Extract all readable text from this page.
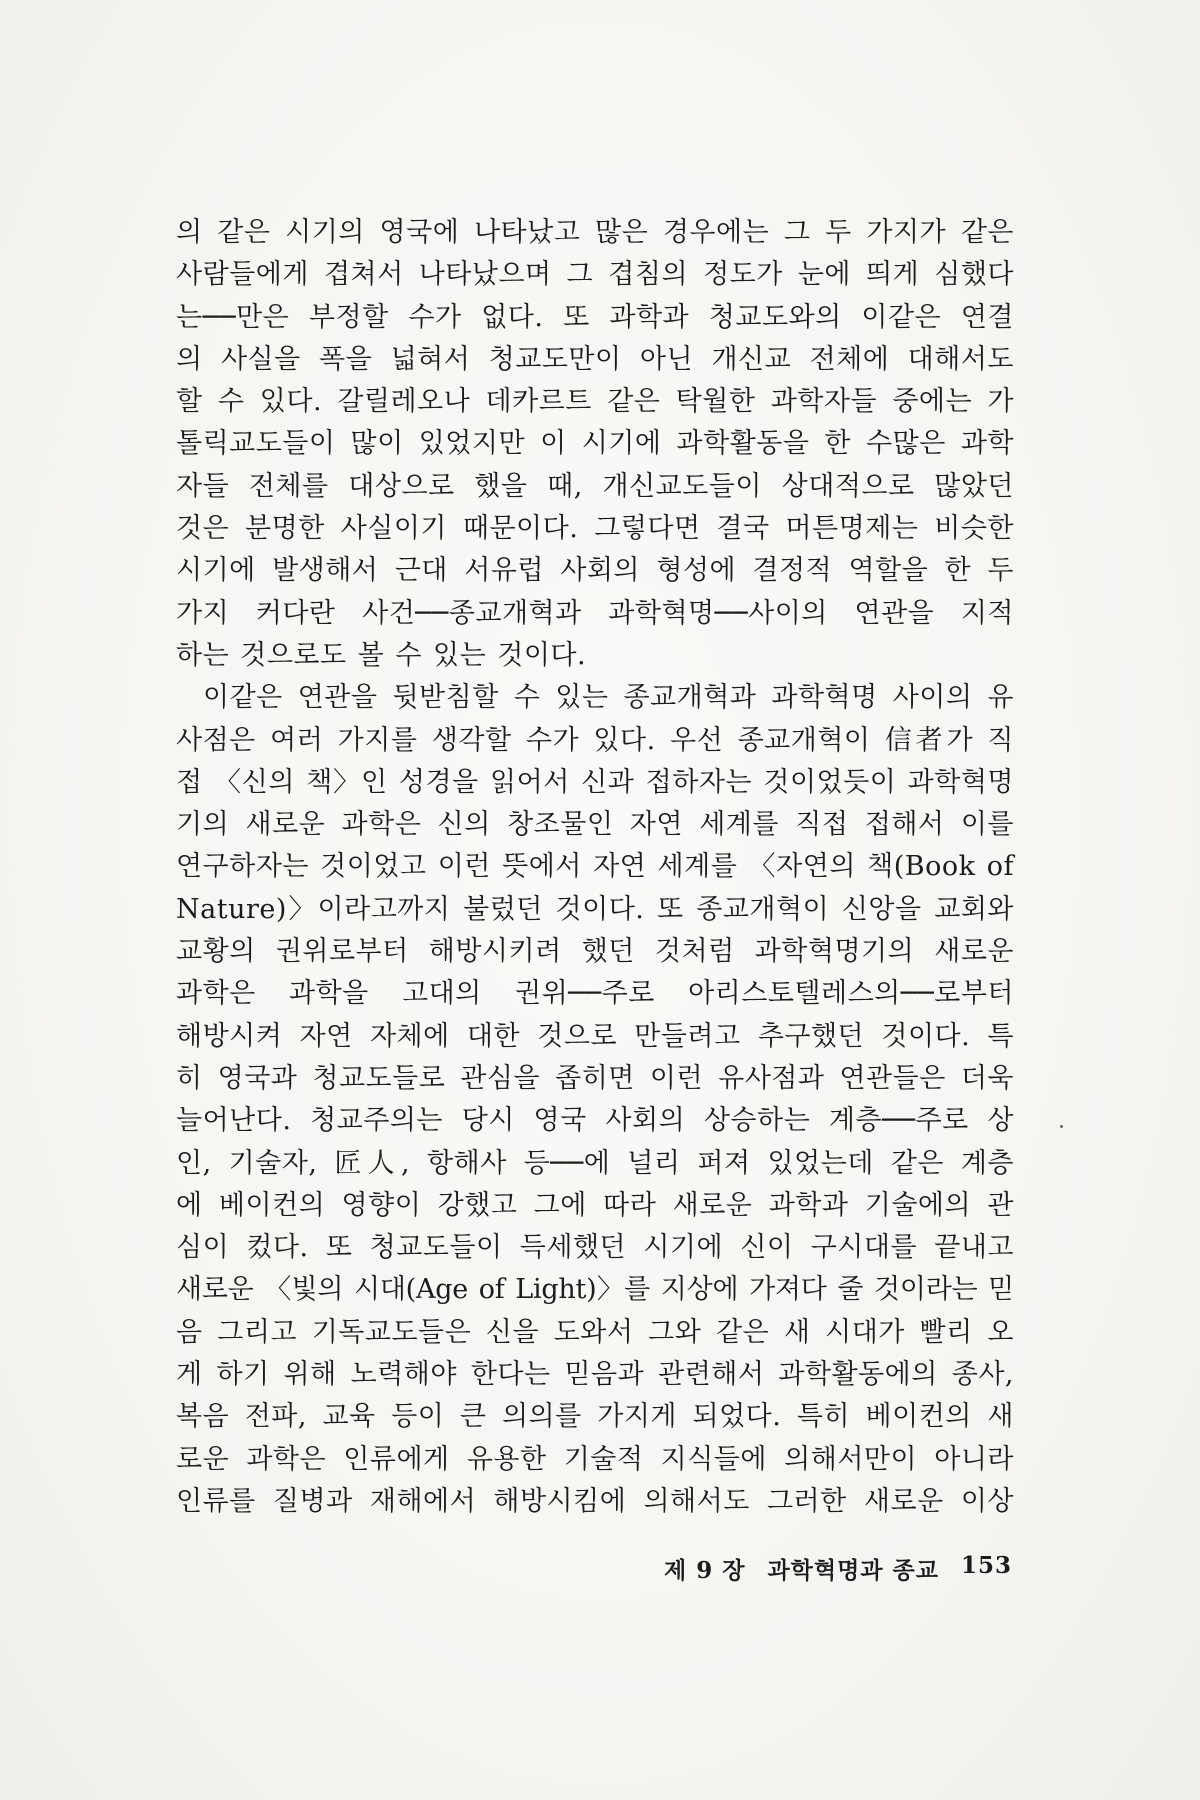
의 같은 시기의 영국에 나타났고 많은 경우에는 그 두 가지가 같은
사람들에게 겹쳐서 나타났으며 그 겹침의 정도가 눈에 띄게 심했다
는──만은 부정할 수가 없다. 또 과학과 청교도와의 이같은 연결
의 사실을 폭을 넓혀서 청교도만이 아닌 개신교 전체에 대해서도
할 수 있다. 갈릴레오나 데카르트 같은 탁월한 과학자들 중에는 가
톨릭교도들이 많이 있었지만 이 시기에 과학활동을 한 수많은 과학
자들 전체를 대상으로 했을 때, 개신교도들이 상대적으로 많았던
것은 분명한 사실이기 때문이다. 그렇다면 결국 머튼명제는 비슷한
시기에 발생해서 근대 서유럽 사회의 형성에 결정적 역할을 한 두
가지 커다란 사건──종교개혁과 과학혁명──사이의 연관을 지적
하는 것으로도 볼 수 있는 것이다.
이같은 연관을 뒷받침할 수 있는 종교개혁과 과학혁명 사이의 유
사점은 여러 가지를 생각할 수가 있다. 우선 종교개혁이 信者가 직
접 〈신의 책〉인 성경을 읽어서 신과 접하자는 것이었듯이 과학혁명
기의 새로운 과학은 신의 창조물인 자연 세계를 직접 접해서 이를
연구하자는 것이었고 이런 뜻에서 자연 세계를 〈자연의 책(Book of
Nature)〉이라고까지 불렀던 것이다. 또 종교개혁이 신앙을 교회와
교황의 권위로부터 해방시키려 했던 것처럼 과학혁명기의 새로운
과학은 과학을 고대의 권위──주로 아리스토텔레스의──로부터
해방시켜 자연 자체에 대한 것으로 만들려고 추구했던 것이다. 특
히 영국과 청교도들로 관심을 좁히면 이런 유사점과 연관들은 더욱
늘어난다. 청교주의는 당시 영국 사회의 상승하는 계층──주로 상
인, 기술자, 匠人, 항해사 등──에 널리 퍼져 있었는데 같은 계층
에 베이컨의 영향이 강했고 그에 따라 새로운 과학과 기술에의 관
심이 컸다. 또 청교도들이 득세했던 시기에 신이 구시대를 끝내고
새로운 〈빛의 시대(Age of Light)〉를 지상에 가져다 줄 것이라는 믿
음 그리고 기독교도들은 신을 도와서 그와 같은 새 시대가 빨리 오
게 하기 위해 노력해야 한다는 믿음과 관련해서 과학활동에의 종사,
복음 전파, 교육 등이 큰 의의를 가지게 되었다. 특히 베이컨의 새
로운 과학은 인류에게 유용한 기술적 지식들에 의해서만이 아니라
인류를 질병과 재해에서 해방시킴에 의해서도 그러한 새로운 이상
제 9 장 과학혁명과 종교 153
